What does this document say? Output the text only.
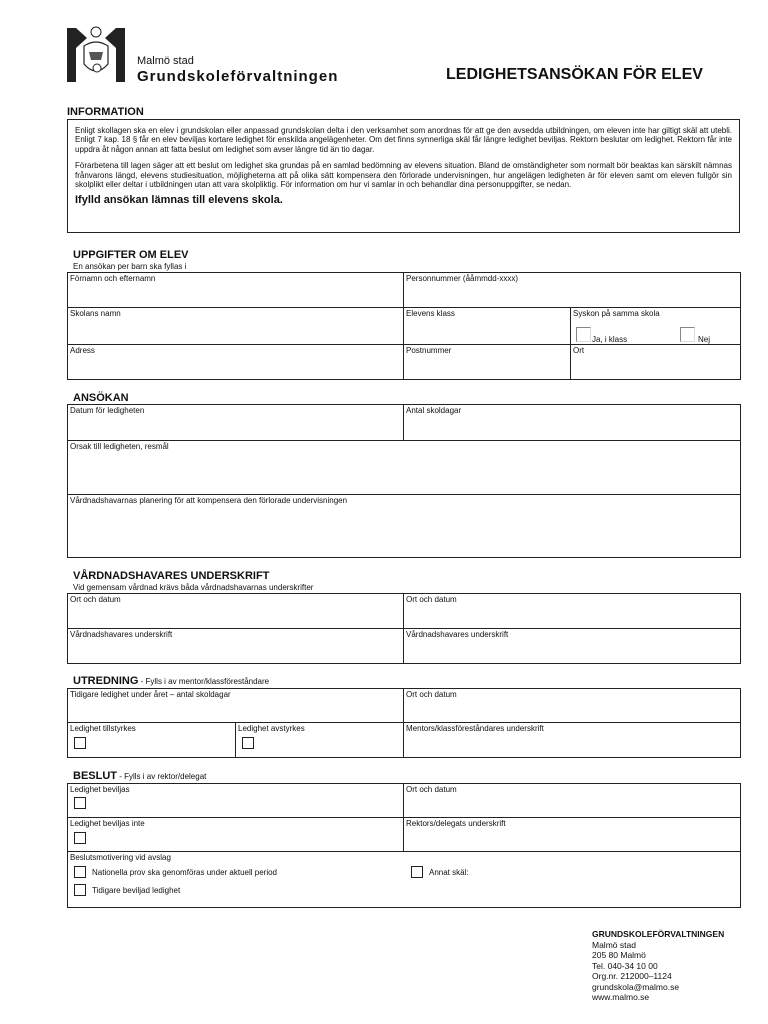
Malmö stad
Grundskoleförvaltningen	LEDIGHETSANSÖKAN FÖR ELEV
INFORMATION

Enligt skollagen ska en elev i grundskolan eller anpassad grundskolan delta i den verksamhet som anordnas för att ge den avsedda utbildningen, om eleven inte har giltigt skäl att utebli. Enligt 7 kap. 18 § får en elev beviljas kortare ledighet för enskilda angelägenheter. Om det finns synnerliga skäl får längre ledighet beviljas. Rektorn beslutar om ledighet. Rektorn får inte uppdra åt någon annan att fatta beslut om ledighet som avser längre tid än tio dagar.

Förarbetena till lagen säger att ett beslut om ledighet ska grundas på en samlad bedömning av elevens situation. Bland de omständigheter som normalt bör beaktas kan särskilt nämnas frånvarons längd, elevens studiesituation, möjligheterna att på olika sätt kompensera den förlorade undervisningen, hur angelägen ledigheten är för eleven samt om eleven fullgör sin skolplikt eller deltar i utbildningen utan att vara skolpliktig. För information om hur vi samlar in och behandlar dina personuppgifter, se nedan.

Ifylld ansökan lämnas till elevens skola.
UPPGIFTER OM ELEV
En ansökan per barn ska fyllas i
Förnamn och efternamn	Personnummer (ååmmdd-xxxx)
Skolans namn	Elevens klass	Syskon på samma skola
Ja, i klass	Nej
Adress	Postnummer	Ort
ANSÖKAN
Datum för ledigheten	Antal skoldagar
Orsak till ledigheten, resmål
Vårdnadshavarnas planering för att kompensera den förlorade undervisningen
VÅRDNADSHAVARES UNDERSKRIFT
Vid gemensam vårdnad krävs båda vårdnadshavarnas underskrifter
Ort och datum	Ort och datum
Vårdnadshavares underskrift	Vårdnadshavares underskrift
UTREDNING - Fylls i av mentor/klassföreståndare
Tidigare ledighet under året – antal skoldagar	Ort och datum
Ledighet tillstyrkes	Ledighet avstyrkes	Mentors/klassföreståndares underskrift
BESLUT - Fylls i av rektor/delegat
Ledighet beviljas	Ort och datum
Ledighet beviljas inte	Rektors/delegats underskrift
Beslutsmotivering vid avslag
Nationella prov ska genomföras under aktuell period
Tidigare beviljad ledighet
Annat skäl:
GRUNDSKOLEFÖRVALTNINGEN
Malmö stad
205 80 Malmö
Tel. 040-34 10 00
Org.nr. 212000–1124
grundskola@malmo.se
www.malmo.se
